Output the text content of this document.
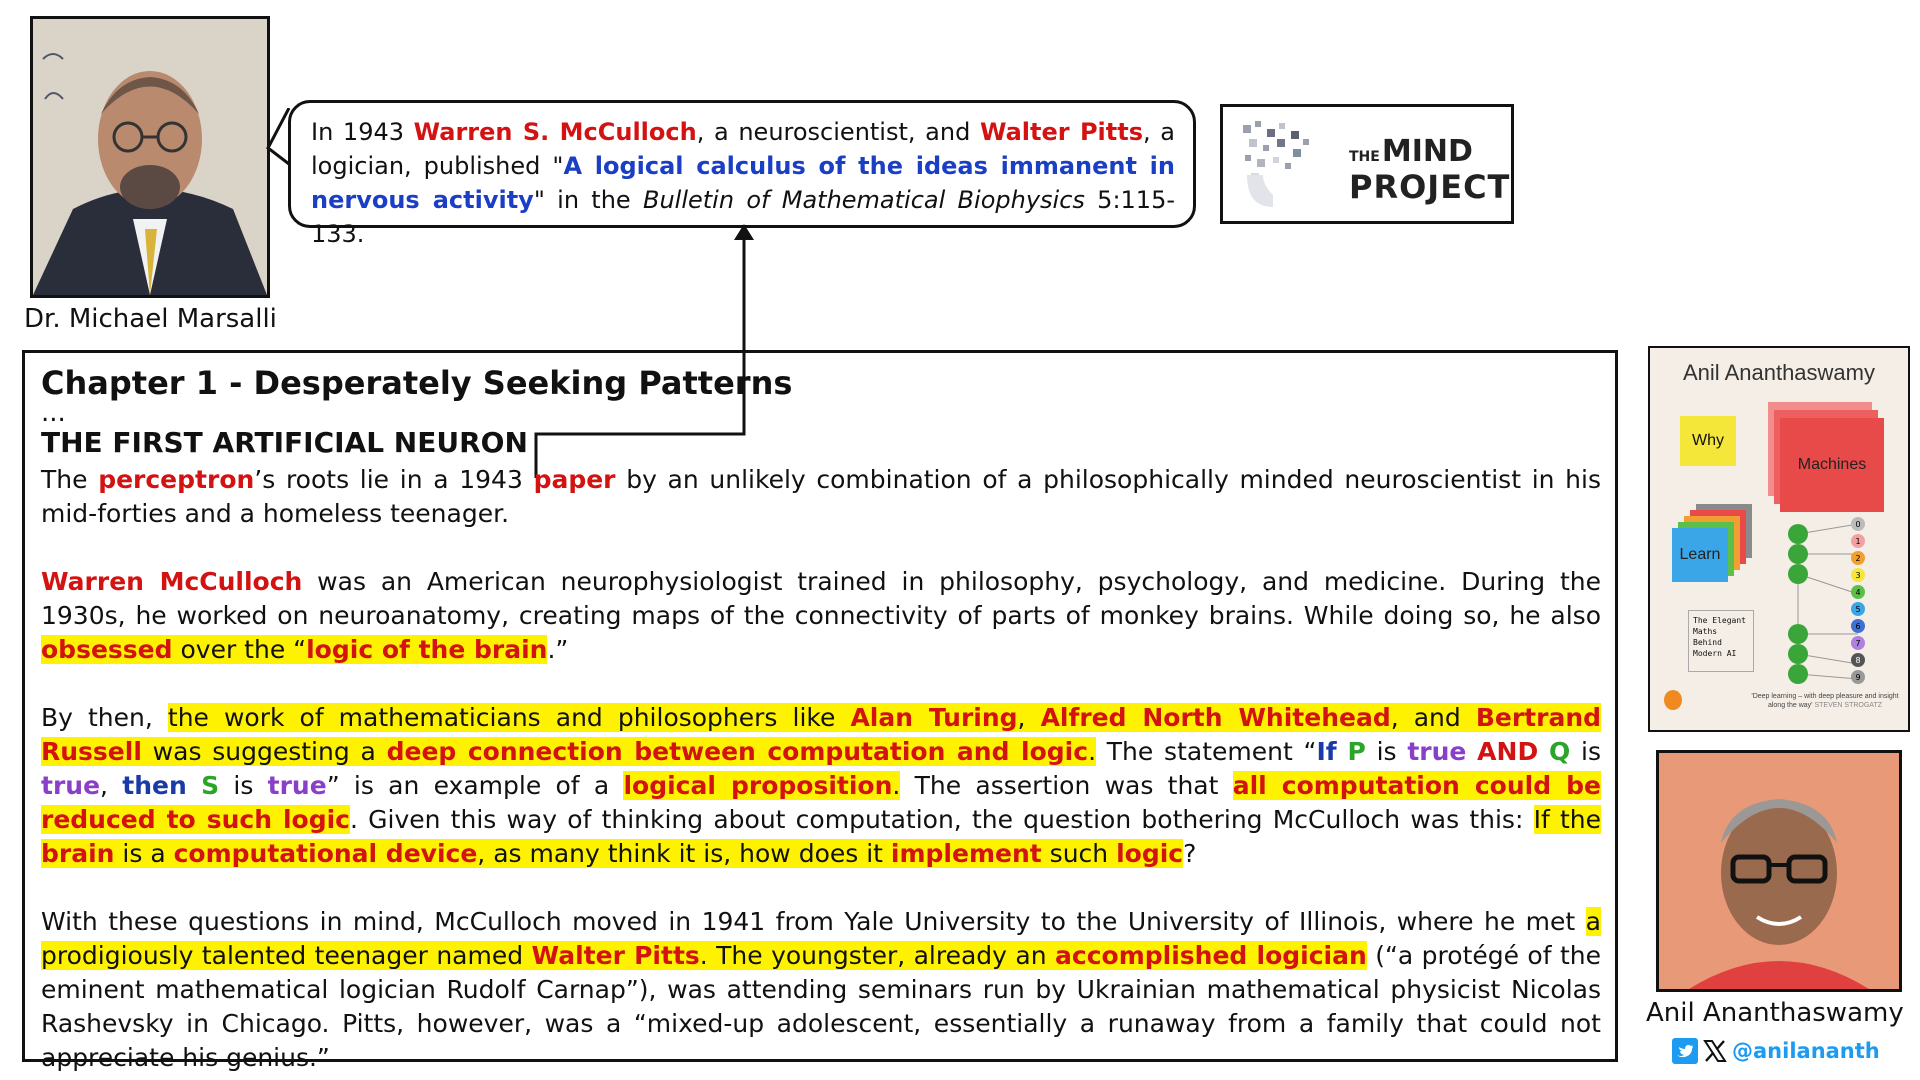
Dr. Michael Marsalli
In 1943 Warren S. McCulloch, a neuroscientist, and Walter Pitts, a logician, published "A logical calculus of the ideas immanent in nervous activity" in the Bulletin of Mathematical Biophysics 5:115-133.
THEMIND
PROJECT

Chapter 1 - Desperately Seeking Patterns

...

THE FIRST ARTIFICIAL NEURON

The perceptron’s roots lie in a 1943 paper by an unlikely combination of a philosophically minded neuroscientist in his mid-forties and a homeless teenager.

Warren McCulloch was an American neurophysiologist trained in philosophy, psychology, and medicine. During the 1930s, he worked on neuroanatomy, creating maps of the connectivity of parts of monkey brains. While doing so, he also obsessed over the “logic of the brain.”

By then, the work of mathematicians and philosophers like Alan Turing, Alfred North Whitehead, and Bertrand Russell was suggesting a deep connection between computation and logic. The statement “If P is true AND Q is true, then S is true” is an example of a logical proposition. The assertion was that all computation could be reduced to such logic. Given this way of thinking about computation, the question bothering McCulloch was this: If the brain is a computational device, as many think it is, how does it implement such logic?

With these questions in mind, McCulloch moved in 1941 from Yale University to the University of Illinois, where he met a prodigiously talented teenager named Walter Pitts. The youngster, already an accomplished logician (“a protégé of the eminent mathematical logician Rudolf Carnap”), was attending seminars run by Ukrainian mathematical physicist Nicolas Rashevsky in Chicago. Pitts, however, was a “mixed-up adolescent, essentially a runaway from a family that could not appreciate his genius.”

Anil Ananthaswamy
Why
Machines
Learn
0
1
2
3
4
5
6
7
8
9
The Elegant Maths Behind Modern AI
'Deep learning – with deep pleasure and insight along the way' STEVEN STROGATZ
Anil Ananthaswamy
@anilananth
